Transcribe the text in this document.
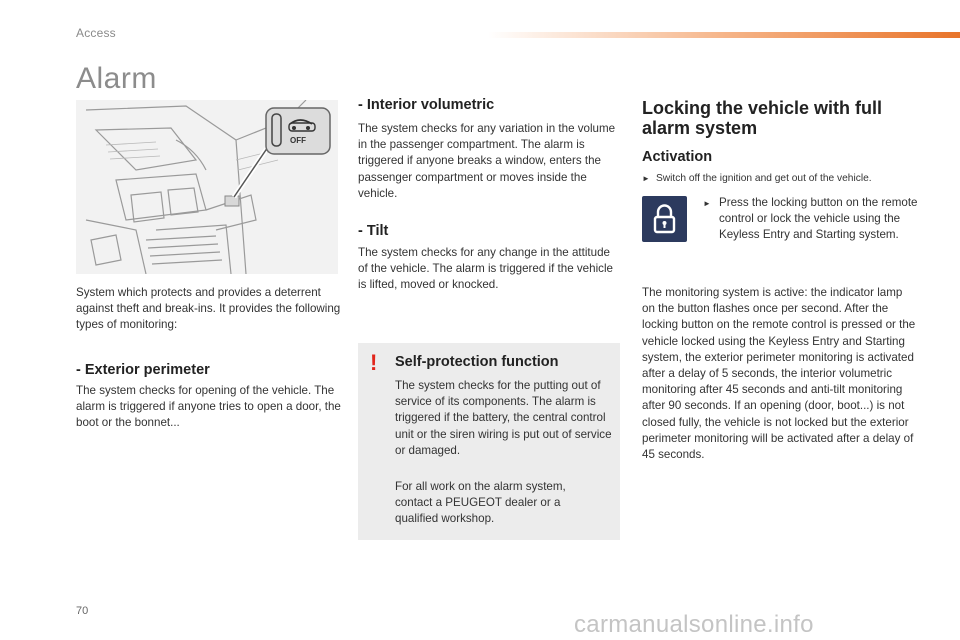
Access
Alarm
OFF
System which protects and provides a deterrent against theft and break-ins. It provides the following types of monitoring:
- Exterior perimeter
The system checks for opening of the vehicle. The alarm is triggered if anyone tries to open a door, the boot or the bonnet...
- Interior volumetric
The system checks for any variation in the volume in the passenger compartment. The alarm is triggered if anyone breaks a window, enters the passenger compartment or moves inside the vehicle.
- Tilt
The system checks for any change in the attitude of the vehicle. The alarm is triggered if the vehicle is lifted, moved or knocked.
! Self-protection function
The system checks for the putting out of service of its components. The alarm is triggered if the battery, the central control unit or the siren wiring is put out of service or damaged.
For all work on the alarm system, contact a PEUGEOT dealer or a qualified workshop.
Locking the vehicle with full alarm system
Activation
► Switch off the ignition and get out of the vehicle.
► Press the locking button on the remote control or lock the vehicle using the Keyless Entry and Starting system.
The monitoring system is active: the indicator lamp on the button flashes once per second. After the locking button on the remote control is pressed or the vehicle locked using the Keyless Entry and Starting system, the exterior perimeter monitoring is activated after a delay of 5 seconds, the interior volumetric monitoring after 45 seconds and anti-tilt monitoring after 90 seconds. If an opening (door, boot...) is not closed fully, the vehicle is not locked but the exterior perimeter monitoring will be activated after a delay of 45 seconds.
70	carmanualsonline.info
